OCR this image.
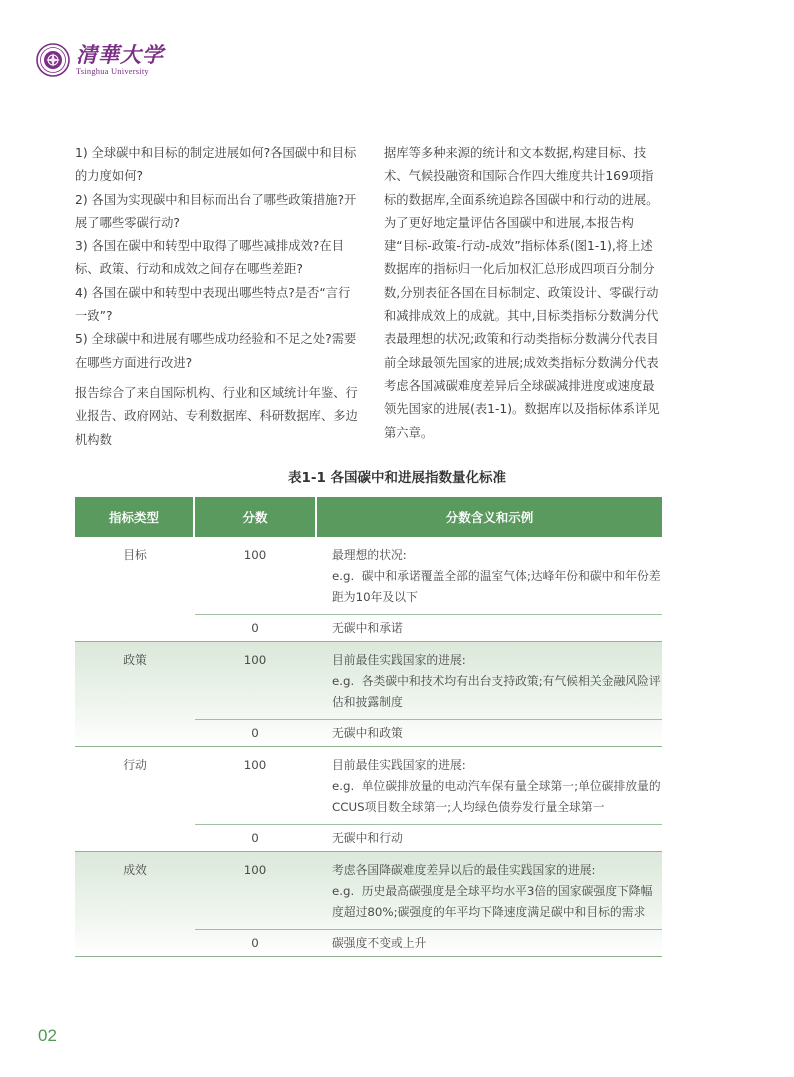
清華大学
Tsinghua University

1) 全球碳中和目标的制定进展如何?各国碳中和目标的力度如何?

2) 各国为实现碳中和目标而出台了哪些政策措施?开展了哪些零碳行动?

3) 各国在碳中和转型中取得了哪些减排成效?在目标、政策、行动和成效之间存在哪些差距?

4) 各国在碳中和转型中表现出哪些特点?是否“言行一致”?

5) 全球碳中和进展有哪些成功经验和不足之处?需要在哪些方面进行改进?

报告综合了来自国际机构、行业和区域统计年鉴、行业报告、政府网站、专利数据库、科研数据库、多边机构数

据库等多种来源的统计和文本数据,构建目标、技术、气候投融资和国际合作四大维度共计169项指标的数据库,全面系统追踪各国碳中和行动的进展。为了更好地定量评估各国碳中和进展,本报告构建“目标-政策-行动-成效”指标体系(图1-1),将上述数据库的指标归一化后加权汇总形成四项百分制分数,分别表征各国在目标制定、政策设计、零碳行动和减排成效上的成就。其中,目标类指标分数满分代表最理想的状况;政策和行动类指标分数满分代表目前全球最领先国家的进展;成效类指标分数满分代表考虑各国减碳难度差异后全球碳减排进度或速度最领先国家的进展(表1-1)。数据库以及指标体系详见第六章。

表1-1 各国碳中和进展指数量化标准
指标类型	分数	分数含义和示例
目标	100	最理想的状况:
e.g. 碳中和承诺覆盖全部的温室气体;达峰年份和碳中和年份差距为10年及以下
0	无碳中和承诺
政策	100	目前最佳实践国家的进展:
e.g. 各类碳中和技术均有出台支持政策;有气候相关金融风险评估和披露制度
0	无碳中和政策
行动	100	目前最佳实践国家的进展:
e.g. 单位碳排放量的电动汽车保有量全球第一;单位碳排放量的CCUS项目数全球第一;人均绿色债券发行量全球第一
0	无碳中和行动
成效	100	考虑各国降碳难度差异以后的最佳实践国家的进展:
e.g. 历史最高碳强度是全球平均水平3倍的国家碳强度下降幅度超过80%;碳强度的年平均下降速度满足碳中和目标的需求
0	碳强度不变或上升
02
